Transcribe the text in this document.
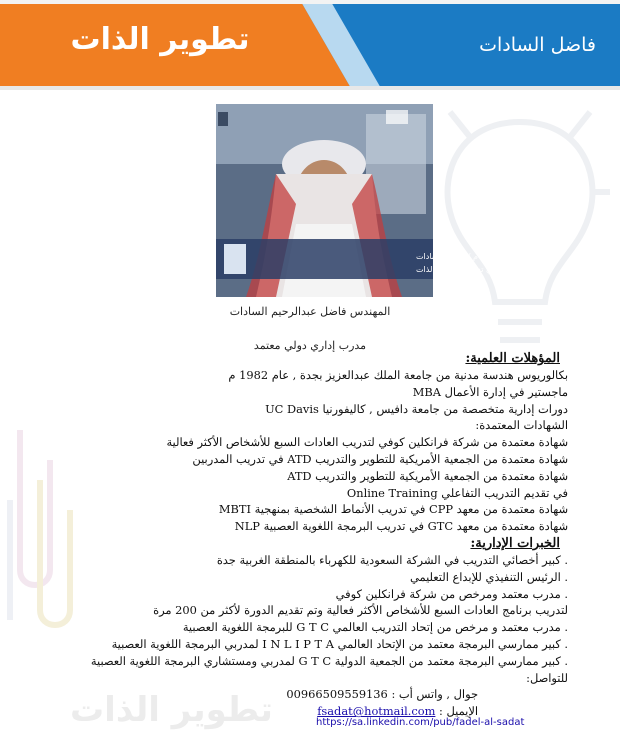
تطوير الذات	فاضل السادات
تطوير الذات
م / فاضل السادات
أخصائي تدريب وتطوير الذات
المهندس فاضل عبدالرحيم السادات
مدرب إداري دولي معتمد
المؤهلات العلمية:
بكالوريوس هندسة مدنية من جامعة الملك عبدالعزيز بجدة , عام 1982 م
ماجستير في إدارة الأعمال MBA
دورات إدارية متخصصة من جامعة دافيس , كاليفورنيا UC Davis
الشهادات المعتمدة:
شهادة معتمدة من شركة فرانكلين كوفي لتدريب العادات السبع للأشخاص الأكثر فعالية
شهادة معتمدة من الجمعية الأمريكية للتطوير والتدريب ATD في تدريب المدربين
شهادة معتمدة من الجمعية الأمريكية للتطوير والتدريب ATD
في تقديم التدريب التفاعلي Online Training
شهادة معتمدة من معهد CPP في تدريب الأنماط الشخصية بمنهجية MBTI
شهادة معتمدة من معهد GTC في تدريب البرمجة اللغوية العصبية NLP
الخبرات الإدارية:
. كبير أخصائي التدريب في الشركة السعودية للكهرباء بالمنطقة الغربية جدة
. الرئيس التنفيذي للإبداع التعليمي
. مدرب معتمد ومرخص من شركة فرانكلين كوفي
لتدريب برنامج العادات السبع للأشخاص الأكثر فعالية وتم تقديم الدورة لأكثر من 200 مرة
. مدرب معتمد و مرخص من إتحاد التدريب العالمي G T C للبرمجة اللغوية العصبية
. كبير ممارسي البرمجة معتمد من الإتحاد العالمي I N L I P T A لمدربي البرمجة اللغوية العصبية
. كبير ممارسي البرمجة معتمد من الجمعية الدولية G T C لمدربي ومستشاري البرمجة اللغوية العصبية
للتواصل:
جوال , واتس أب : 00966509559136
الإيميل : fsadat@hotmail.com
https://sa.linkedin.com/pub/fadel-al-sadat
